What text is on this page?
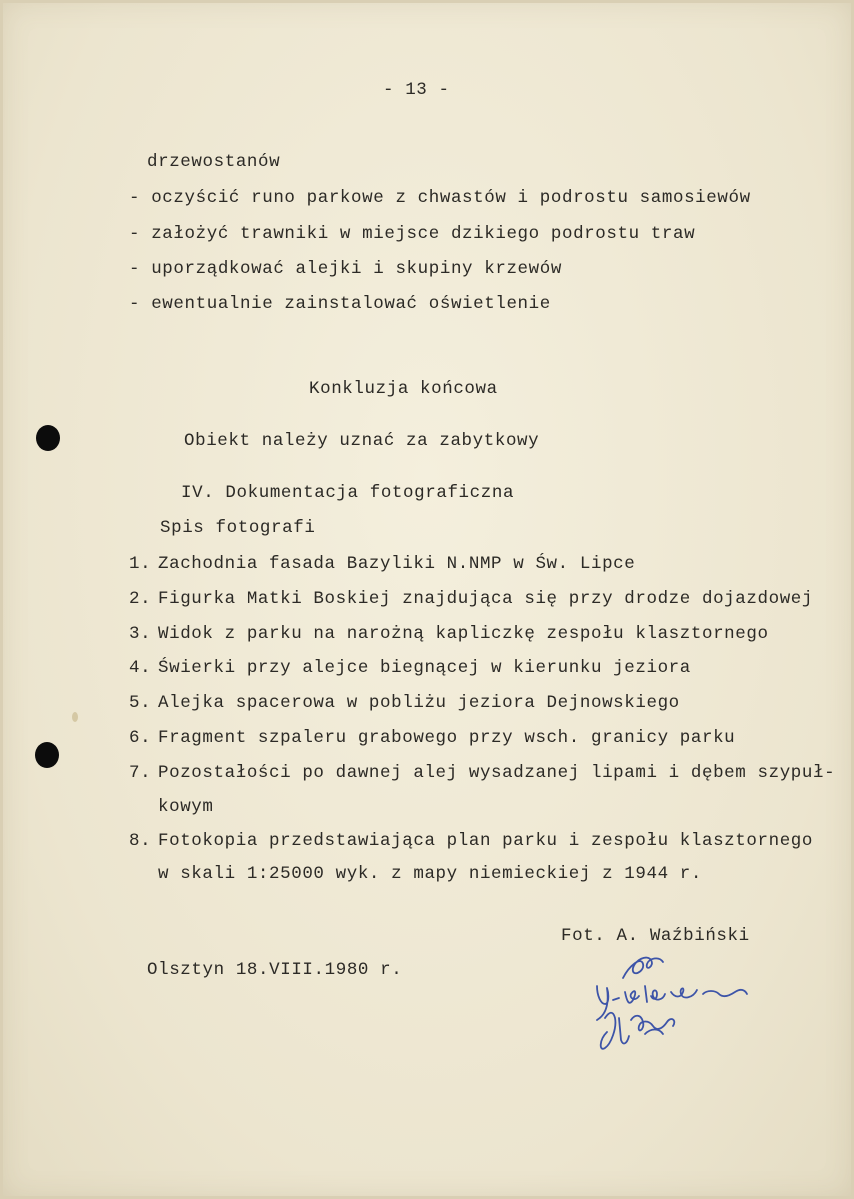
- 13 -
drzewostanów
- oczyścić runo parkowe z chwastów i podrostu samosiewów
- założyć trawniki w miejsce dzikiego podrostu traw
- uporządkować alejki i skupiny krzewów
- ewentualnie zainstalować oświetlenie
Konkluzja końcowa
Obiekt należy uznać za zabytkowy
IV. Dokumentacja fotograficzna
Spis fotografi
1. Zachodnia fasada Bazyliki N.NMP w Św. Lipce
2. Figurka Matki Boskiej znajdująca się przy drodze dojazdowej
3. Widok z parku na narożną kapliczkę zespołu klasztornego
4. Świerki przy alejce biegnącej w kierunku jeziora
5. Alejka spacerowa w pobliżu jeziora Dejnowskiego
6. Fragment szpaleru grabowego przy wsch. granicy parku
7. Pozostałości po dawnej alej wysadzanej lipami i dębem szypuł-
kowym
8. Fotokopia przedstawiająca plan parku i zespołu klasztornego
w skali 1:25000 wyk. z mapy niemieckiej z 1944 r.
Fot. A. Waźbiński
Olsztyn 18.VIII.1980 r.
